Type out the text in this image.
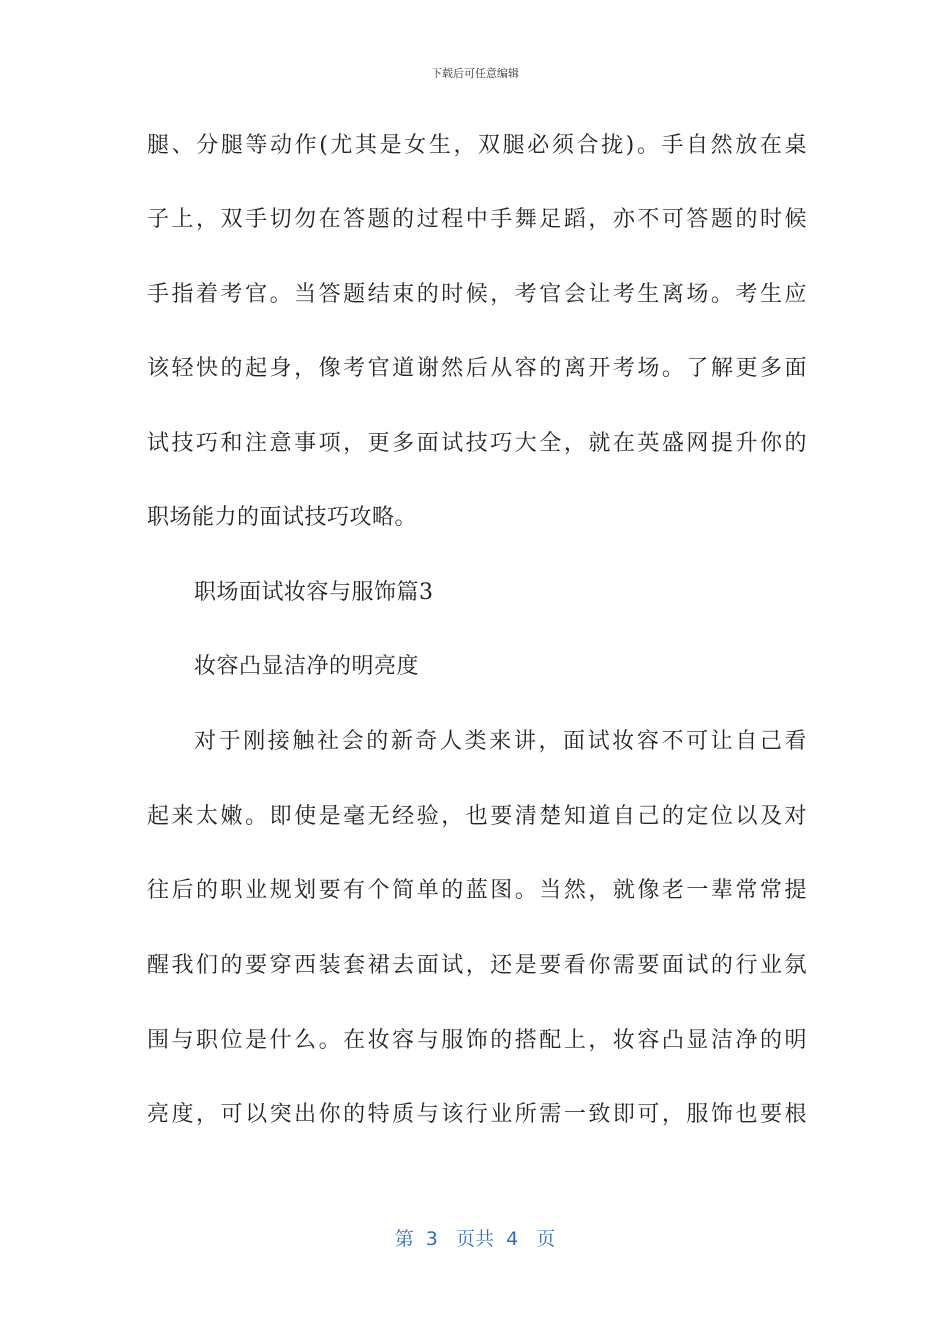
下载后可任意编辑
腿、分腿等动作(尤其是女生，双腿必须合拢)。手自然放在桌
子上，双手切勿在答题的过程中手舞足蹈，亦不可答题的时候
手指着考官。当答题结束的时候，考官会让考生离场。考生应
该轻快的起身，像考官道谢然后从容的离开考场。了解更多面
试技巧和注意事项，更多面试技巧大全，就在英盛网提升你的
职场能力的面试技巧攻略。
职场面试妆容与服饰篇3
妆容凸显洁净的明亮度
对于刚接触社会的新奇人类来讲，面试妆容不可让自己看
起来太嫩。即使是毫无经验，也要清楚知道自己的定位以及对
往后的职业规划要有个简单的蓝图。当然，就像老一辈常常提
醒我们的要穿西装套裙去面试，还是要看你需要面试的行业氛
围与职位是什么。在妆容与服饰的搭配上，妆容凸显洁净的明
亮度，可以突出你的特质与该行业所需一致即可，服饰也要根
第  3   页共  4   页
